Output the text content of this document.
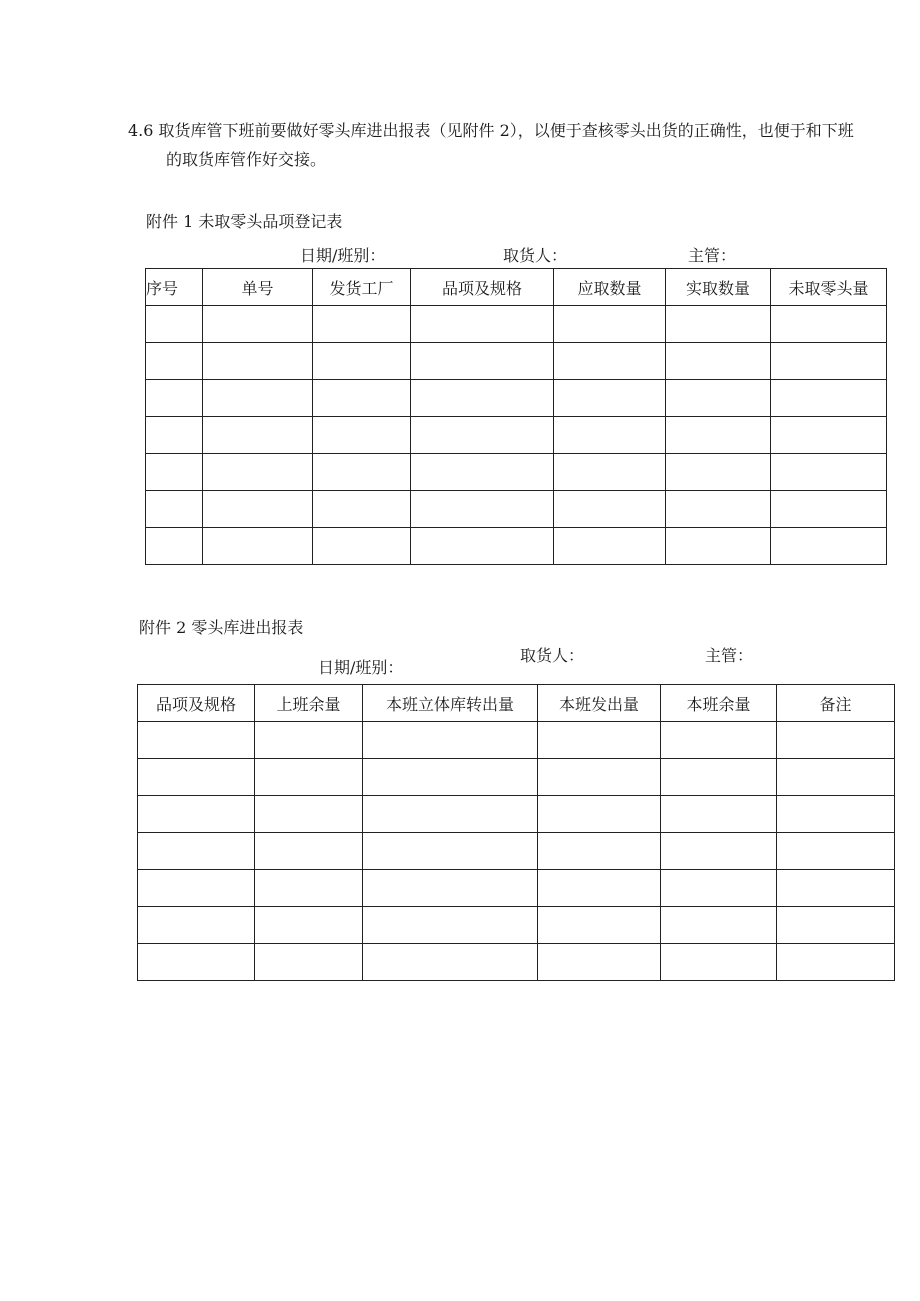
4.6 取货库管下班前要做好零头库进出报表（见附件 2），以便于查核零头出货的正确性，也便于和下班
的取货库管作好交接。
附件 1 未取零头品项登记表
日期/班别：	取货人：	主管：
序号	单号	发货工厂	品项及规格	应取数量	实取数量	未取零头量

附件 2 零头库进出报表
日期/班别：
取货人：	主管：
品项及规格	上班余量	本班立体库转出量	本班发出量	本班余量	备注
